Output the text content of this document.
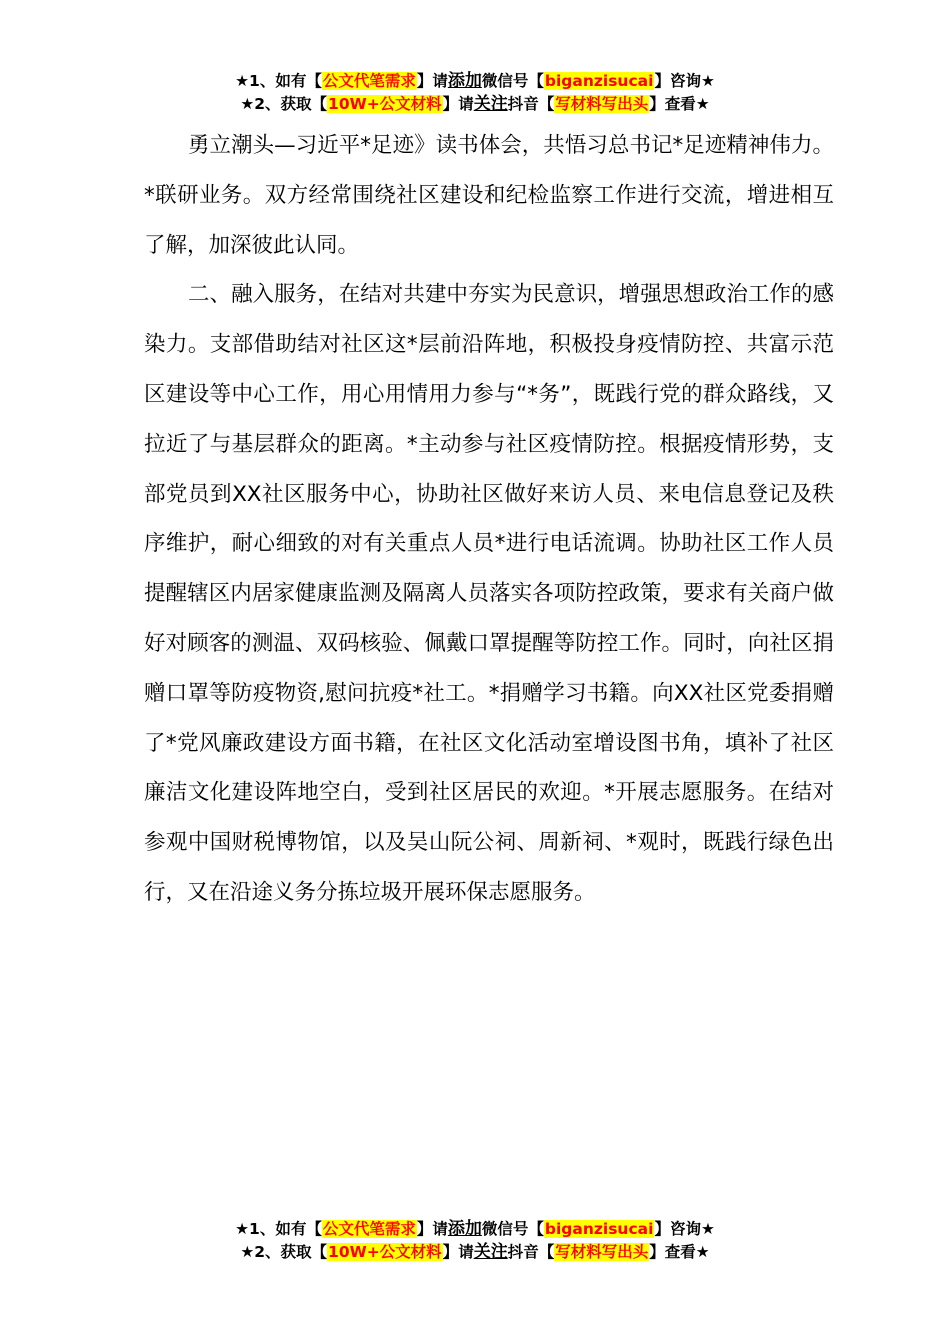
★1、如有【公文代笔需求】请添加微信号【biganzisucai】咨询★
★2、获取【10W+公文材料】请关注抖音【写材料写出头】查看★

勇立潮头—习近平*足迹》读书体会，共悟习总书记*足迹精神伟力。*联研业务。双方经常围绕社区建设和纪检监察工作进行交流，增进相互了解，加深彼此认同。

二、融入服务，在结对共建中夯实为民意识，增强思想政治工作的感染力。支部借助结对社区这*层前沿阵地，积极投身疫情防控、共富示范区建设等中心工作，用心用情用力参与“*务”，既践行党的群众路线，又拉近了与基层群众的距离。*主动参与社区疫情防控。根据疫情形势，支部党员到XX社区服务中心，协助社区做好来访人员、来电信息登记及秩序维护，耐心细致的对有关重点人员*进行电话流调。协助社区工作人员提醒辖区内居家健康监测及隔离人员落实各项防控政策，要求有关商户做好对顾客的测温、双码核验、佩戴口罩提醒等防控工作。同时，向社区捐赠口罩等防疫物资,慰问抗疫*社工。*捐赠学习书籍。向XX社区党委捐赠了*党风廉政建设方面书籍，在社区文化活动室增设图书角，填补了社区廉洁文化建设阵地空白，受到社区居民的欢迎。*开展志愿服务。在结对参观中国财税博物馆，以及吴山阮公祠、周新祠、*观时，既践行绿色出行，又在沿途义务分拣垃圾开展环保志愿服务。

★1、如有【公文代笔需求】请添加微信号【biganzisucai】咨询★
★2、获取【10W+公文材料】请关注抖音【写材料写出头】查看★
